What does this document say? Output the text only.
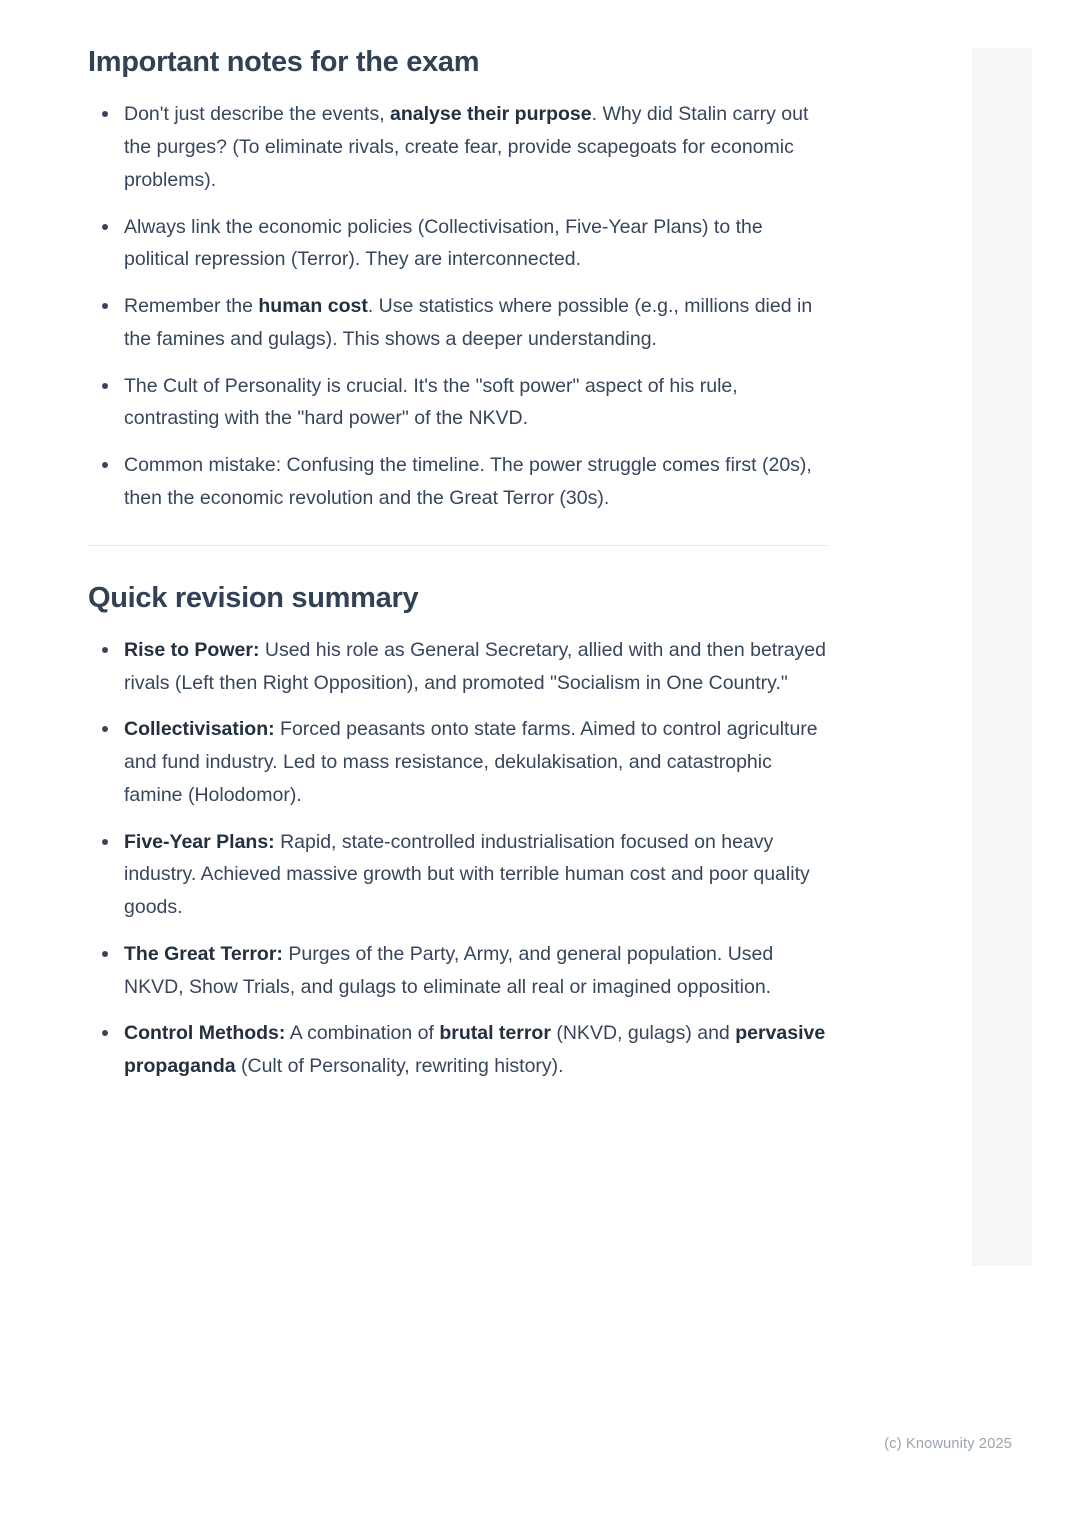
Important notes for the exam
Don't just describe the events, analyse their purpose. Why did Stalin carry out the purges? (To eliminate rivals, create fear, provide scapegoats for economic problems).
Always link the economic policies (Collectivisation, Five-Year Plans) to the political repression (Terror). They are interconnected.
Remember the human cost. Use statistics where possible (e.g., millions died in the famines and gulags). This shows a deeper understanding.
The Cult of Personality is crucial. It's the "soft power" aspect of his rule, contrasting with the "hard power" of the NKVD.
Common mistake: Confusing the timeline. The power struggle comes first (20s), then the economic revolution and the Great Terror (30s).
Quick revision summary
Rise to Power: Used his role as General Secretary, allied with and then betrayed rivals (Left then Right Opposition), and promoted "Socialism in One Country."
Collectivisation: Forced peasants onto state farms. Aimed to control agriculture and fund industry. Led to mass resistance, dekulakisation, and catastrophic famine (Holodomor).
Five-Year Plans: Rapid, state-controlled industrialisation focused on heavy industry. Achieved massive growth but with terrible human cost and poor quality goods.
The Great Terror: Purges of the Party, Army, and general population. Used NKVD, Show Trials, and gulags to eliminate all real or imagined opposition.
Control Methods: A combination of brutal terror (NKVD, gulags) and pervasive propaganda (Cult of Personality, rewriting history).
(c) Knowunity 2025
